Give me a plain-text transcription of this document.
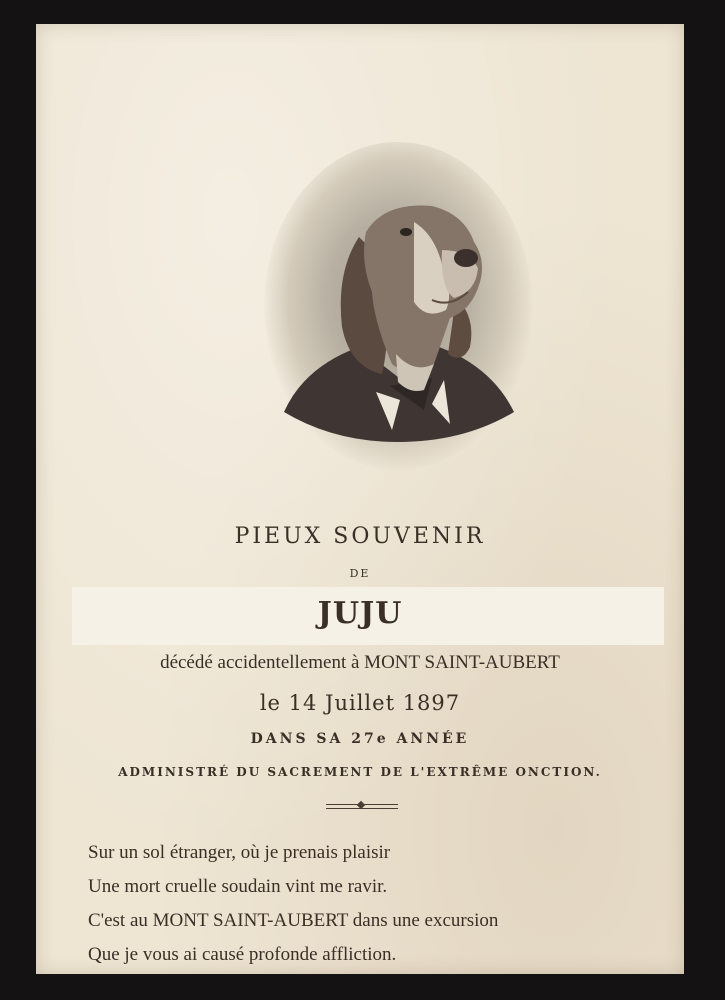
PIEUX SOUVENIR
DE
JUJU
décédé accidentellement à MONT SAINT-AUBERT
le 14 Juillet 1897
DANS SA 27e ANNÉE
ADMINISTRÉ DU SACREMENT DE L'EXTRÊME ONCTION.
Sur un sol étranger, où je prenais plaisir
Une mort cruelle soudain vint me ravir.
C'est au MONT SAINT-AUBERT dans une excursion
Que je vous ai causé profonde affliction.
